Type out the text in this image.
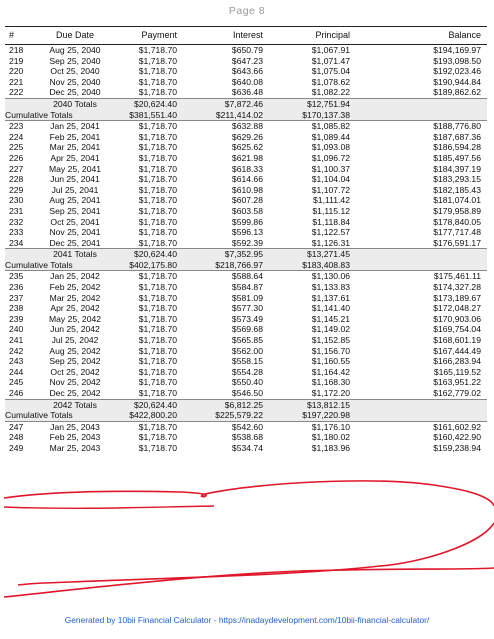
Page 8
#	Due Date	Payment	Interest	Principal	Balance
218	Aug 25, 2040	$1,718.70	$650.79	$1,067.91	$194,169.97
219	Sep 25, 2040	$1,718.70	$647.23	$1,071.47	$193,098.50
220	Oct 25, 2040	$1,718.70	$643.66	$1,075.04	$192,023.46
221	Nov 25, 2040	$1,718.70	$640.08	$1,078.62	$190,944.84
222	Dec 25, 2040	$1,718.70	$636.48	$1,082.22	$189,862.62
2040 Totals	$20,624.40	$7,872.46	$12,751.94
Cumulative Totals	$381,551.40	$211,414.02	$170,137.38
223	Jan 25, 2041	$1,718.70	$632.88	$1,085.82	$188,776.80
224	Feb 25, 2041	$1,718.70	$629.26	$1,089.44	$187,687.36
225	Mar 25, 2041	$1,718.70	$625.62	$1,093.08	$186,594.28
226	Apr 25, 2041	$1,718.70	$621.98	$1,096.72	$185,497.56
227	May 25, 2041	$1,718.70	$618.33	$1,100.37	$184,397.19
228	Jun 25, 2041	$1,718.70	$614.66	$1,104.04	$183,293.15
229	Jul 25, 2041	$1,718.70	$610.98	$1,107.72	$182,185.43
230	Aug 25, 2041	$1,718.70	$607.28	$1,111.42	$181,074.01
231	Sep 25, 2041	$1,718.70	$603.58	$1,115.12	$179,958.89
232	Oct 25, 2041	$1,718.70	$599.86	$1,118.84	$178,840.05
233	Nov 25, 2041	$1,718.70	$596.13	$1,122.57	$177,717.48
234	Dec 25, 2041	$1,718.70	$592.39	$1,126.31	$176,591.17
2041 Totals	$20,624.40	$7,352.95	$13,271.45
Cumulative Totals	$402,175.80	$218,766.97	$183,408.83
235	Jan 25, 2042	$1,718.70	$588.64	$1,130.06	$175,461.11
236	Feb 25, 2042	$1,718.70	$584.87	$1,133.83	$174,327.28
237	Mar 25, 2042	$1,718.70	$581.09	$1,137.61	$173,189.67
238	Apr 25, 2042	$1,718.70	$577.30	$1,141.40	$172,048.27
239	May 25, 2042	$1,718.70	$573.49	$1,145.21	$170,903.06
240	Jun 25, 2042	$1,718.70	$569.68	$1,149.02	$169,754.04
241	Jul 25, 2042	$1,718.70	$565.85	$1,152.85	$168,601.19
242	Aug 25, 2042	$1,718.70	$562.00	$1,156.70	$167,444.49
243	Sep 25, 2042	$1,718.70	$558.15	$1,160.55	$166,283.94
244	Oct 25, 2042	$1,718.70	$554.28	$1,164.42	$165,119.52
245	Nov 25, 2042	$1,718.70	$550.40	$1,168.30	$163,951.22
246	Dec 25, 2042	$1,718.70	$546.50	$1,172.20	$162,779.02
2042 Totals	$20,624.40	$6,812.25	$13,812.15
Cumulative Totals	$422,800.20	$225,579.22	$197,220.98
247	Jan 25, 2043	$1,718.70	$542.60	$1,176.10	$161,602.92
248	Feb 25, 2043	$1,718.70	$538.68	$1,180.02	$160,422.90
249	Mar 25, 2043	$1,718.70	$534.74	$1,183.96	$159,238.94
Generated by 10bii Financial Calculator - https://inadaydevelopment.com/10bii-financial-calculator/
